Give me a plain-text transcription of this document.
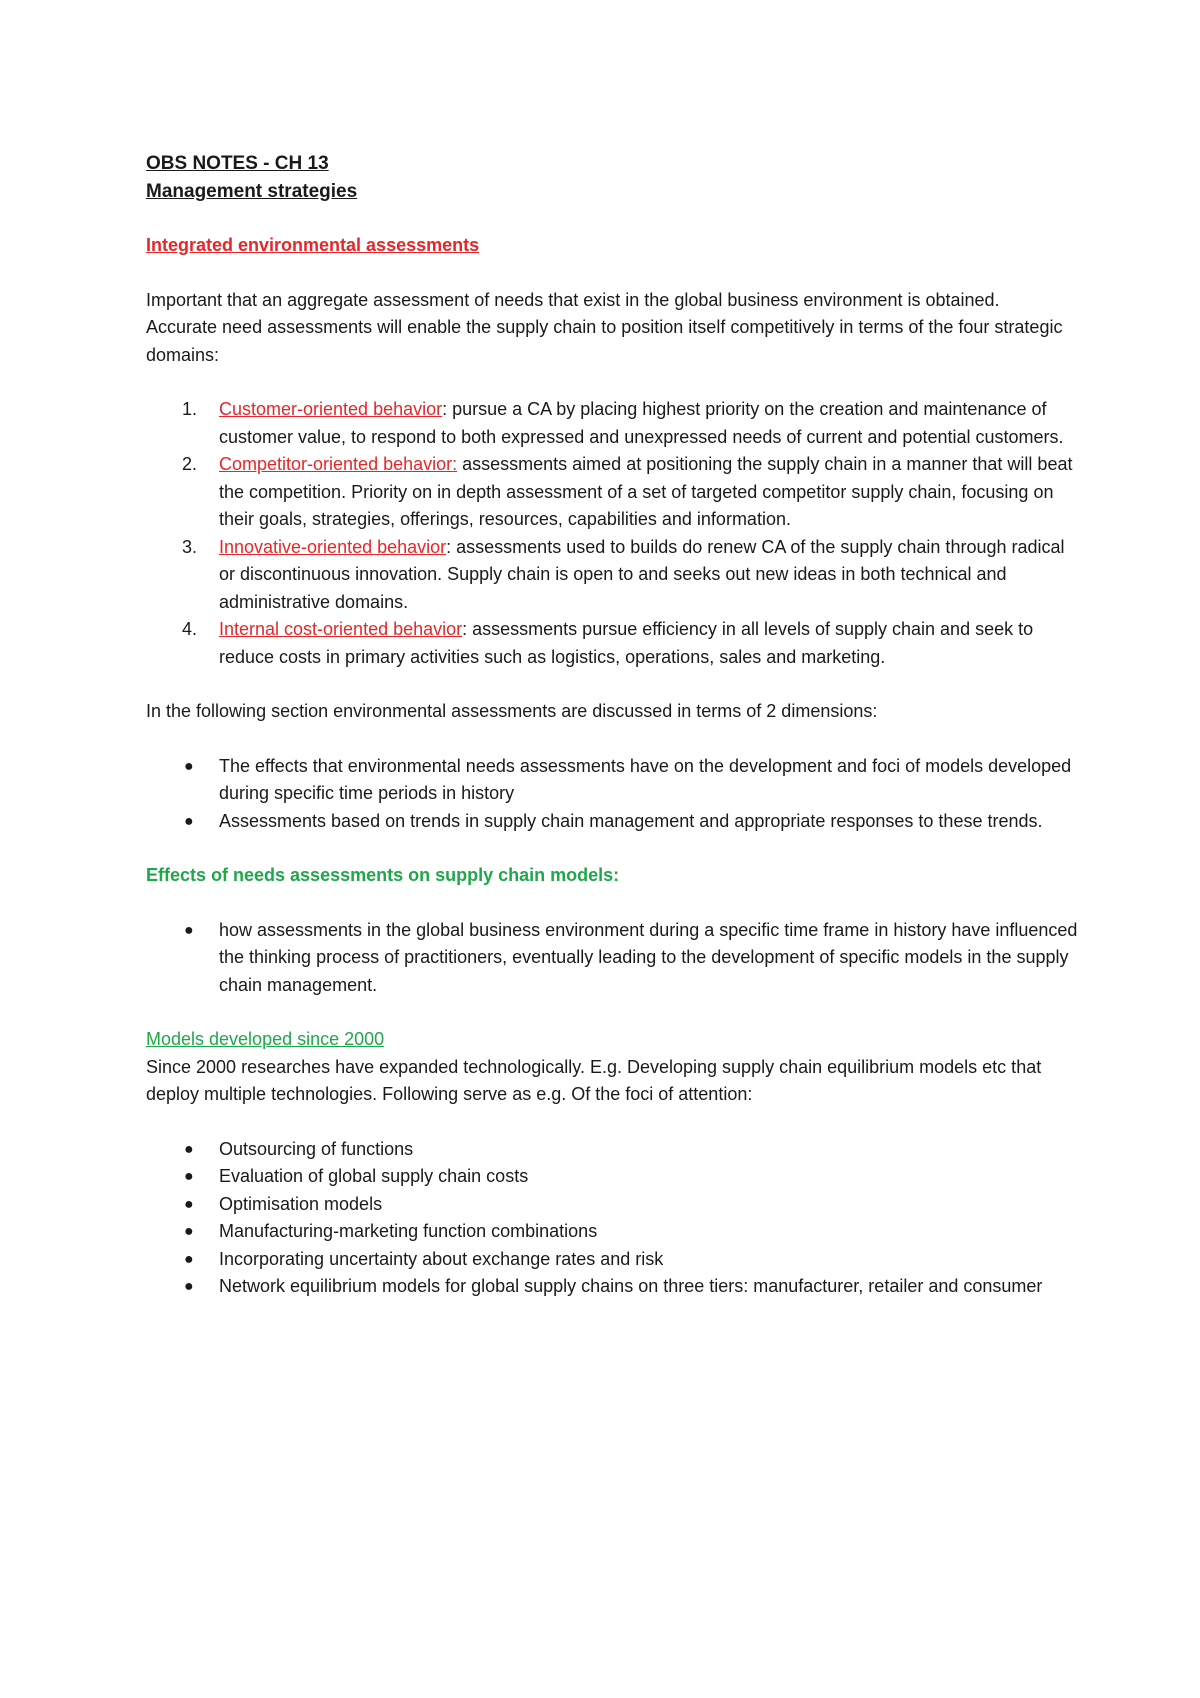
OBS NOTES - CH 13
Management strategies
Integrated environmental assessments

Important that an aggregate assessment of needs that exist in the global business environment is obtained.

Accurate need assessments will enable the supply chain to position itself competitively in terms of the four strategic domains:

1. Customer-oriented behavior: pursue a CA by placing highest priority on the creation and maintenance of customer value, to respond to both expressed and unexpressed needs of current and potential customers.
2. Competitor-oriented behavior: assessments aimed at positioning the supply chain in a manner that will beat the competition. Priority on in depth assessment of a set of targeted competitor supply chain, focusing on their goals, strategies, offerings, resources, capabilities and information.
3. Innovative-oriented behavior: assessments used to builds do renew CA of the supply chain through radical or discontinuous innovation. Supply chain is open to and seeks out new ideas in both technical and administrative domains.
4. Internal cost-oriented behavior: assessments pursue efficiency in all levels of supply chain and seek to reduce costs in primary activities such as logistics, operations, sales and marketing.

In the following section environmental assessments are discussed in terms of 2 dimensions:

● The effects that environmental needs assessments have on the development and foci of models developed during specific time periods in history
● Assessments based on trends in supply chain management and appropriate responses to these trends.
Effects of needs assessments on supply chain models:
● how assessments in the global business environment during a specific time frame in history have influenced the thinking process of practitioners, eventually leading to the development of specific models in the supply chain management.
Models developed since 2000

Since 2000 researches have expanded technologically. E.g. Developing supply chain equilibrium models etc that deploy multiple technologies. Following serve as e.g. Of the foci of attention:

● Outsourcing of functions
● Evaluation of global supply chain costs
● Optimisation models
● Manufacturing-marketing function combinations
● Incorporating uncertainty about exchange rates and risk
● Network equilibrium models for global supply chains on three tiers: manufacturer, retailer and consumer
